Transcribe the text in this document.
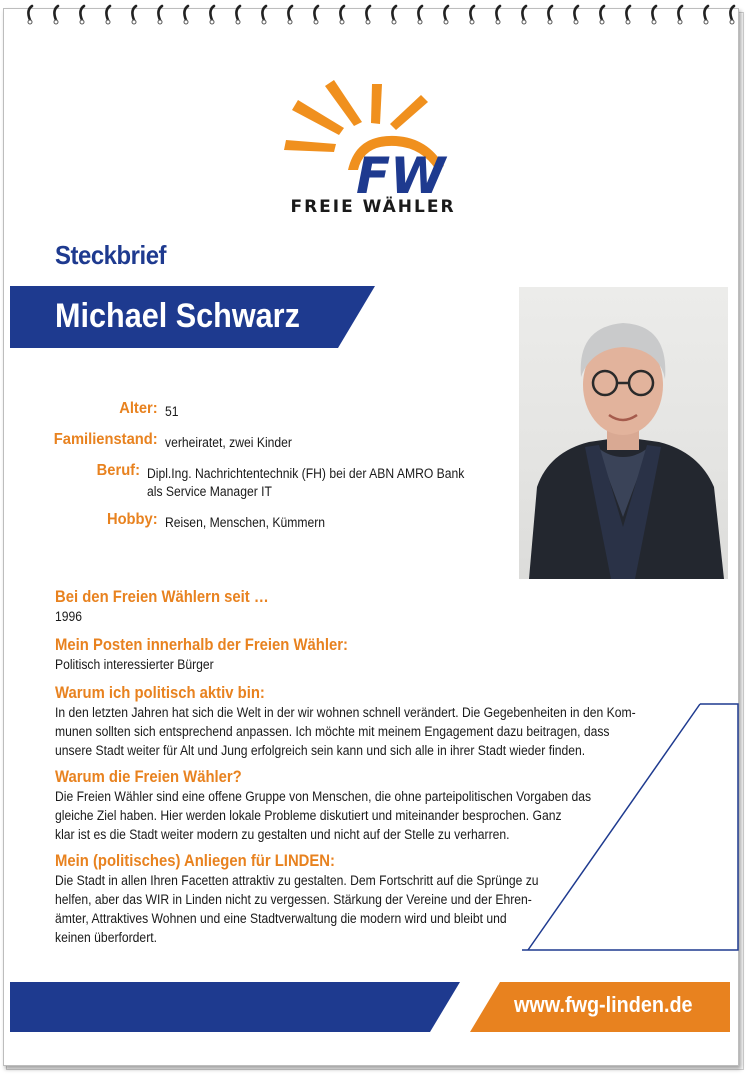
FW
FREIE WÄHLER
Steckbrief
Michael Schwarz
Alter: 51
Familienstand: verheiratet, zwei Kinder
Beruf: Dipl.Ing. Nachrichtentechnik (FH) bei der ABN AMRO Bank
als Service Manager IT
Hobby: Reisen, Menschen, Kümmern
Bei den Freien Wählern seit …
1996
Mein Posten innerhalb der Freien Wähler:
Politisch interessierter Bürger
Warum ich politisch aktiv bin:
In den letzten Jahren hat sich die Welt in der wir wohnen schnell verändert. Die Gegebenheiten in den Kom-
munen sollten sich entsprechend anpassen. Ich möchte mit meinem Engagement dazu beitragen, dass
unsere Stadt weiter für Alt und Jung erfolgreich sein kann und sich alle in ihrer Stadt wieder finden.
Warum die Freien Wähler?
Die Freien Wähler sind eine offene Gruppe von Menschen, die ohne parteipolitischen Vorgaben das
gleiche Ziel haben. Hier werden lokale Probleme diskutiert und miteinander besprochen. Ganz
klar ist es die Stadt weiter modern zu gestalten und nicht auf der Stelle zu verharren.
Mein (politisches) Anliegen für LINDEN:
Die Stadt in allen Ihren Facetten attraktiv zu gestalten. Dem Fortschritt auf die Sprünge zu
helfen, aber das WIR in Linden nicht zu vergessen. Stärkung der Vereine und der Ehren-
ämter, Attraktives Wohnen und eine Stadtverwaltung die modern wird und bleibt und
keinen überfordert.
www.fwg-linden.de
